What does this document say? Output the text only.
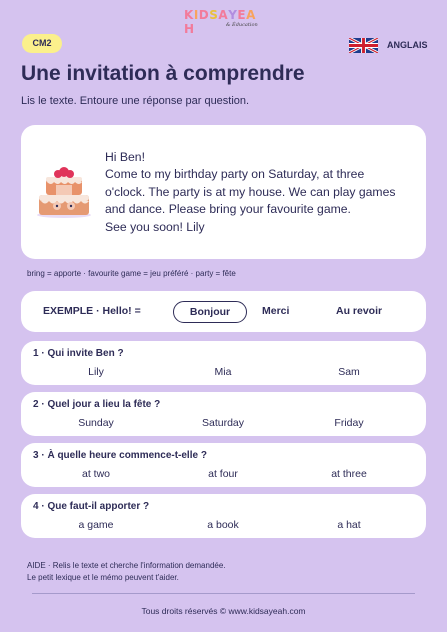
KIDSAYEAH	& Éducation
CM2	ANGLAIS
Une invitation à comprendre
Lis le texte. Entoure une réponse par question.
Hi Ben!
Come to my birthday party on Saturday, at three
o'clock. The party is at my house. We can play games
and dance. Please bring your favourite game.
See you soon! Lily
bring = apporte · favourite game = jeu préféré · party = fête
EXEMPLE · Hello! =	Bonjour	Merci	Au revoir
1 · Qui invite Ben ?
Lily	Mia	Sam
2 · Quel jour a lieu la fête ?
Sunday	Saturday	Friday
3 · À quelle heure commence-t-elle ?
at two	at four	at three
4 · Que faut-il apporter ?
a game	a book	a hat
AIDE · Relis le texte et cherche l'information demandée.
Le petit lexique et le mémo peuvent t'aider.
Tous droits réservés © www.kidsayeah.com
